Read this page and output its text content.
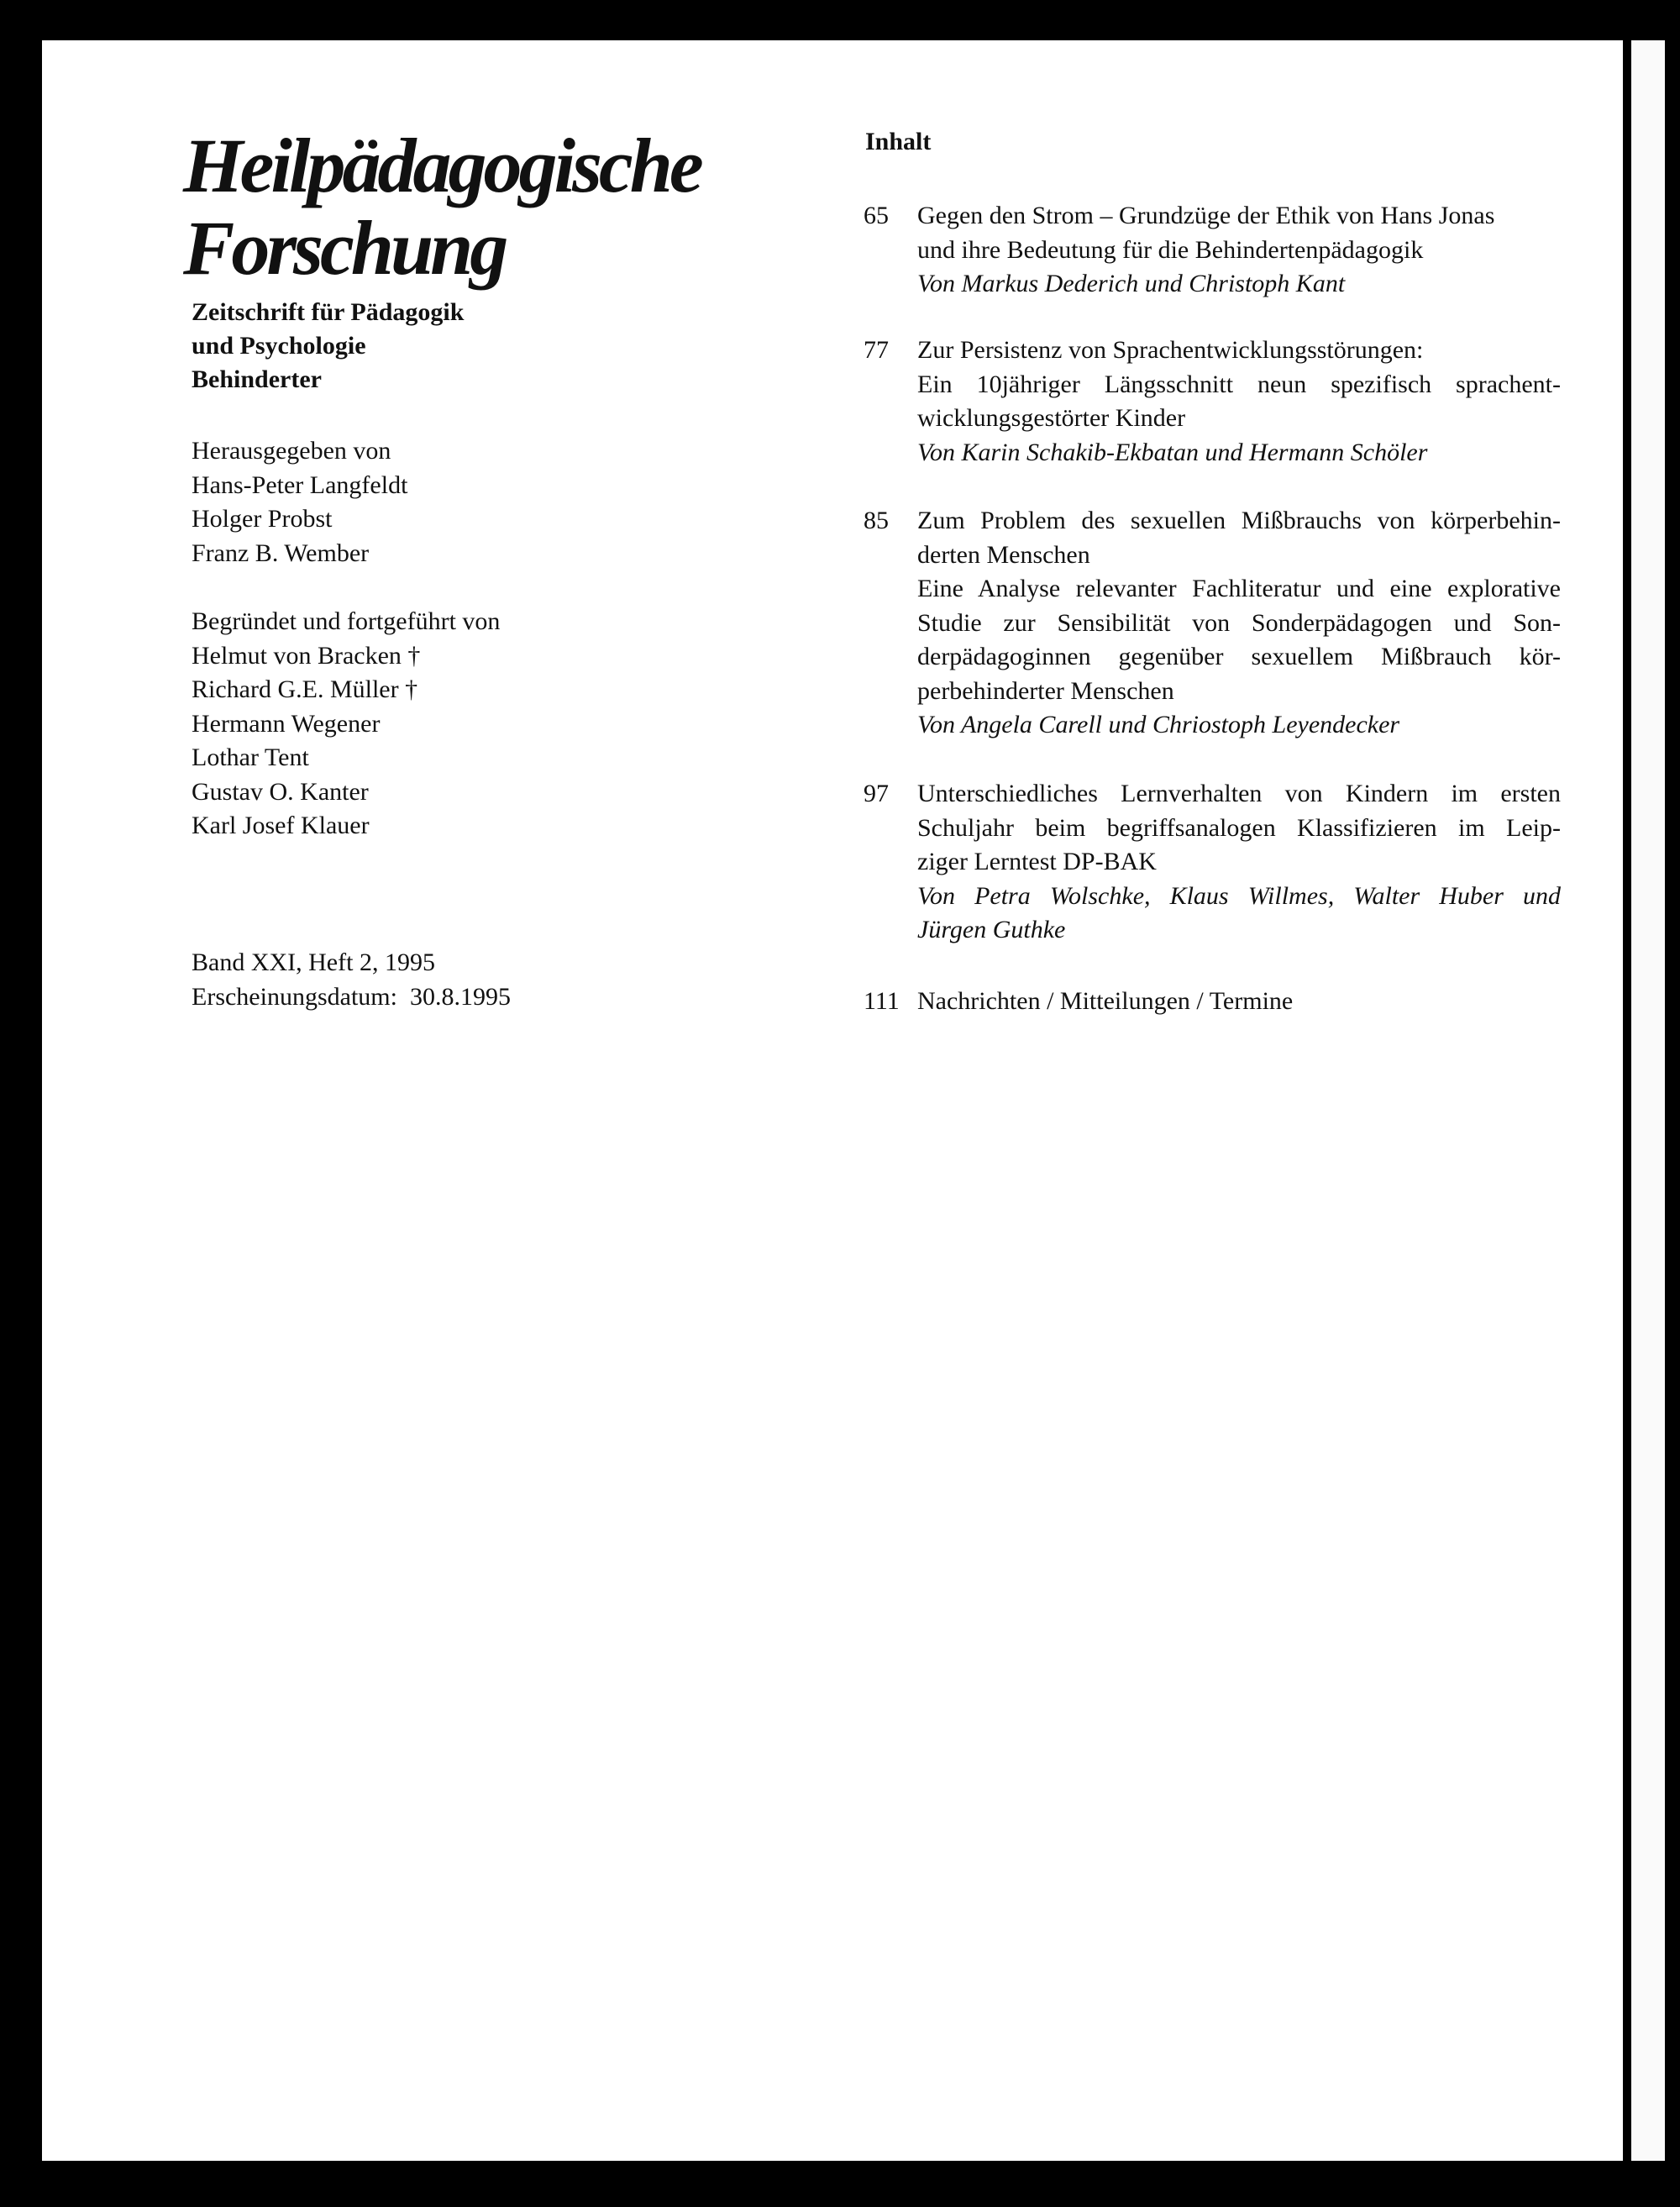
Heilpädagogische
Forschung
Zeitschrift für Pädagogik
und Psychologie
Behinderter
Herausgegeben von
Hans-Peter Langfeldt
Holger Probst
Franz B. Wember
Begründet und fortgeführt von
Helmut von Bracken †
Richard G.E. Müller †
Hermann Wegener
Lothar Tent
Gustav O. Kanter
Karl Josef Klauer
Band XXI, Heft 2, 1995
Erscheinungsdatum:  30.8.1995
Inhalt
65	Gegen den Strom – Grundzüge der Ethik von Hans Jonas
und ihre Bedeutung für die Behindertenpädagogik
Von Markus Dederich und Christoph Kant
77	Zur Persistenz von Sprachentwicklungsstörungen:
Ein 10jähriger Längsschnitt neun spezifisch sprachent-
wicklungsgestörter Kinder
Von Karin Schakib-Ekbatan und Hermann Schöler
85	Zum Problem des sexuellen Mißbrauchs von körperbehin-
derten Menschen
Eine Analyse relevanter Fachliteratur und eine explorative
Studie zur Sensibilität von Sonderpädagogen und Son-
derpädagoginnen gegenüber sexuellem Mißbrauch kör-
perbehinderter Menschen
Von Angela Carell und Chriostoph Leyendecker
97	Unterschiedliches Lernverhalten von Kindern im ersten
Schuljahr beim begriffsanalogen Klassifizieren im Leip-
ziger Lerntest DP-BAK
Von Petra Wolschke, Klaus Willmes, Walter Huber und
Jürgen Guthke
111 Nachrichten / Mitteilungen / Termine
